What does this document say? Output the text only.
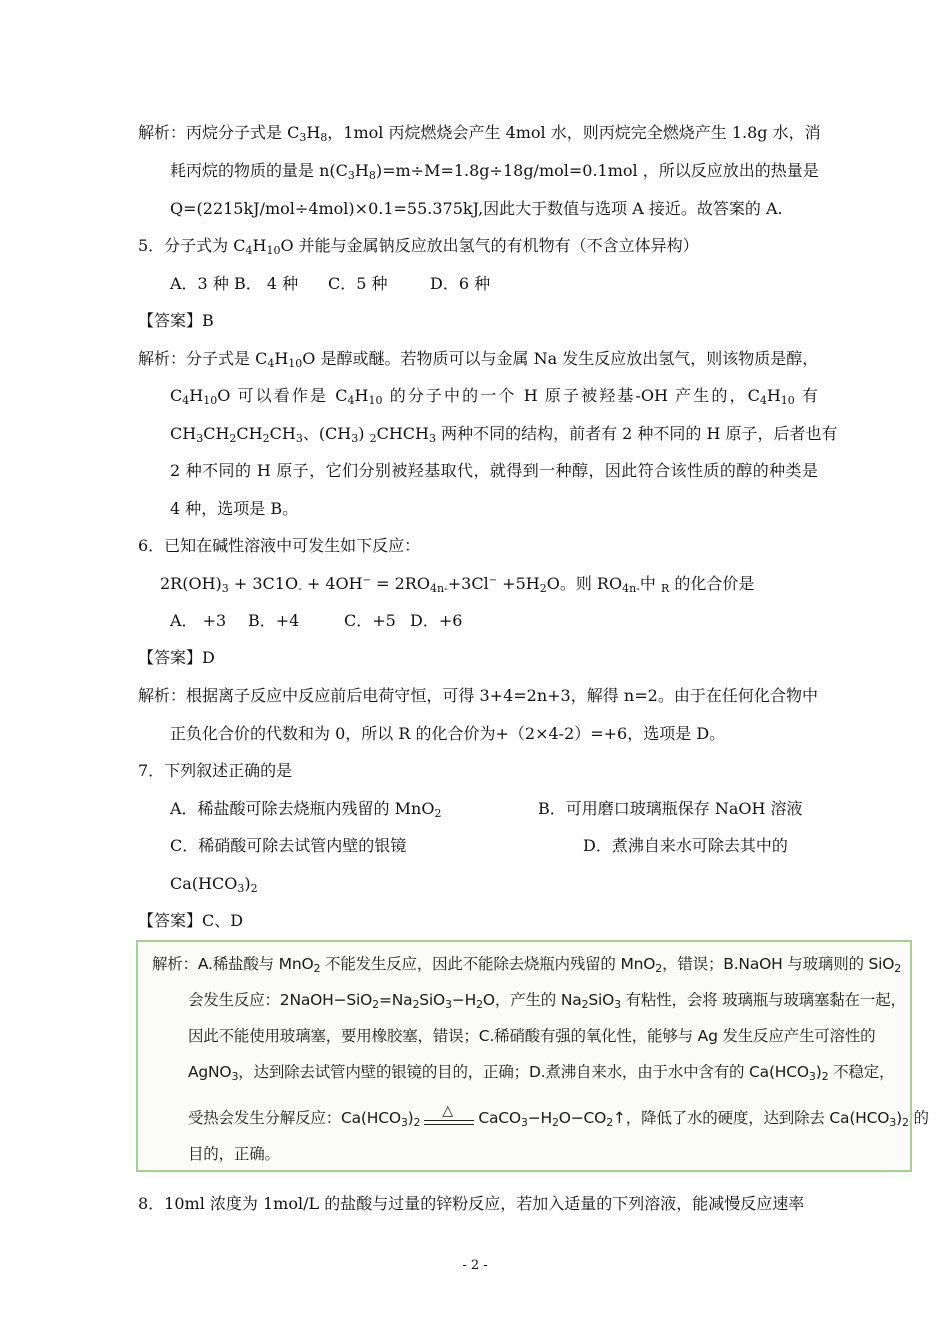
解析：丙烷分子式是 $C_3H_8$，1mol 丙烷燃烧会产生 4mol 水，则丙烷完全燃烧产生 1.8g 水，消
耗丙烷的物质的量是 $n(C_3H_8)=m\div M=1.8g\div 18g/mol=0.1mol$ ，所以反应放出的热量是
Q=(2215kJ/mol÷4mol)×0.1=55.375kJ,因此大于数值与选项 A 接近。故答案的 A.
5．分子式为 $C_4H_{10}O$ 并能与金属钠反应放出氢气的有机物有（不含立体异构）
A．3 种 B． 4 种 C．5 种	D．6 种
【答案】B
解析：分子式是 $C_4H_{10}O$ 是醇或醚。若物质可以与金属 Na 发生反应放出氢气，则该物质是醇，
$C_4H_{10}O$ 可以看作是 $C_4H_{10}$ 的分子中的一个 H 原子被羟基-OH 产生的，$C_4H_{10}$ 有
$CH_3CH_2CH_2CH_3$、$(CH_3)$ $_2CHCH_3$ 两种不同的结构，前者有 2 种不同的 H 原子，后者也有
2 种不同的 H 原子，它们分别被羟基取代，就得到一种醇，因此符合该性质的醇的种类是
4 种，选项是 B。
6．已知在碱性溶液中可发生如下反应：
$2R(OH)_3 + 3C1O_- + 4OH^- = 2RO_{4n-}+3Cl^- +5H_2O$。则 $RO_{4n-}$中 $_R$ 的化合价是
A． +3 B．+4	C．+5 D．+6
【答案】D
解析：根据离子反应中反应前后电荷守恒，可得 3+4=2n+3，解得 n=2。由于在任何化合物中
正负化合价的代数和为 0，所以 R 的化合价为+（2×4-2）=+6，选项是 D。
7．下列叙述正确的是
A．稀盐酸可除去烧瓶内残留的 MnO$_2$	B．可用磨口玻璃瓶保存 NaOH 溶液
C．稀硝酸可除去试管内壁的银镜	D．煮沸自来水可除去其中的
$Ca(HCO_3)_2$
【答案】C、D
解析：A.稀盐酸与 MnO$_2$ 不能发生反应，因此不能除去烧瓶内残留的 MnO$_2$，错误；B.NaOH 与玻璃则的 SiO$_2$
会发生反应：$2NaOH-SiO_2=Na_2SiO_3-H_2O$，产生的 $Na_2SiO_3$ 有粘性，会将 玻璃瓶与玻璃塞黏在一起，
因此不能使用玻璃塞，要用橡胶塞，错误；C.稀硝酸有强的氧化性，能够与 Ag 发生反应产生可溶性的
AgNO$_3$，达到除去试管内壁的银镜的目的，正确；D.煮沸自来水，由于水中含有的 $Ca(HCO_3)_2$ 不稳定，
受热会发生分解反应：$Ca(HCO_3)_2$
△ $CaCO_3-H_2O-CO_2↑$，降低了水的硬度，达到除去 $Ca(HCO_3)_2$ 的
目的，正确。
8．10ml 浓度为 1mol/L 的盐酸与过量的锌粉反应，若加入适量的下列溶液，能减慢反应速率
- 2 -
